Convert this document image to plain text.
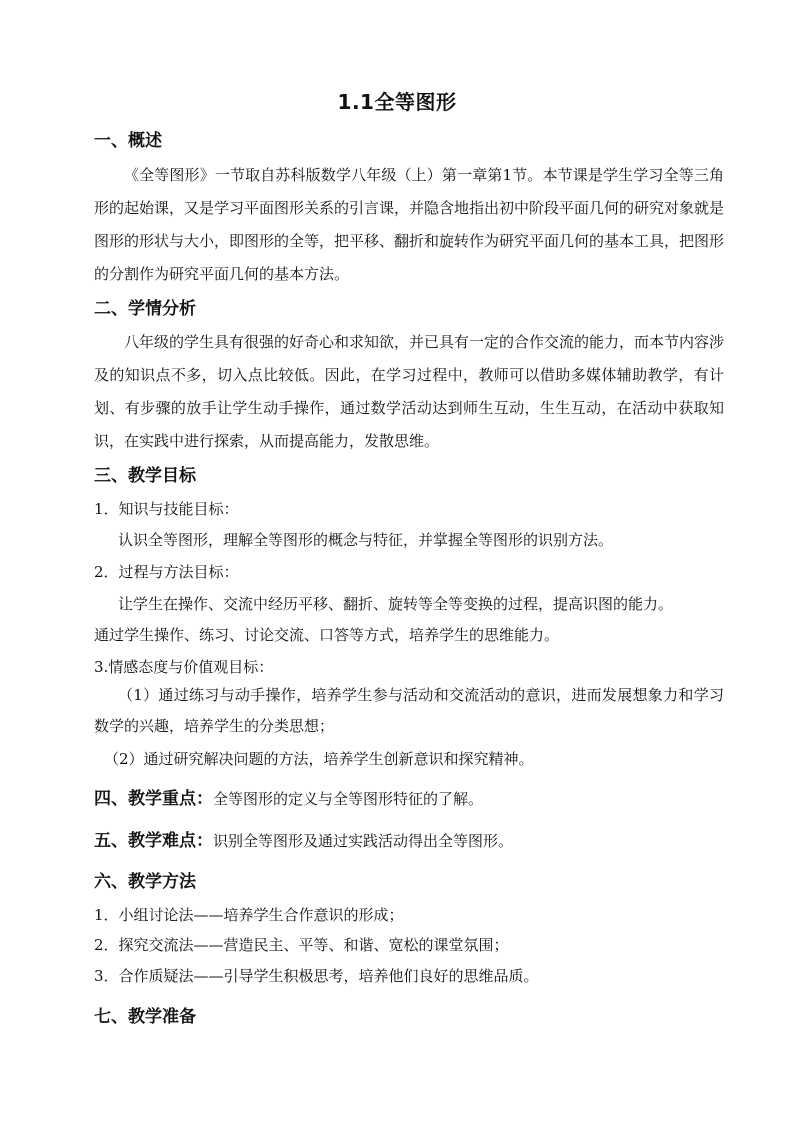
1.1全等图形
一、概述

《全等图形》一节取自苏科版数学八年级（上）第一章第1节。本节课是学生学习全等三角形的起始课，又是学习平面图形关系的引言课，并隐含地指出初中阶段平面几何的研究对象就是图形的形状与大小，即图形的全等，把平移、翻折和旋转作为研究平面几何的基本工具，把图形的分割作为研究平面几何的基本方法。

二、学情分析

八年级的学生具有很强的好奇心和求知欲，并已具有一定的合作交流的能力，而本节内容涉及的知识点不多，切入点比较低。因此，在学习过程中，教师可以借助多媒体辅助教学，有计划、有步骤的放手让学生动手操作，通过数学活动达到师生互动，生生互动，在活动中获取知识，在实践中进行探索，从而提高能力，发散思维。

三、教学目标
1．知识与技能目标：
认识全等图形，理解全等图形的概念与特征，并掌握全等图形的识别方法。
2．过程与方法目标：
让学生在操作、交流中经历平移、翻折、旋转等全等变换的过程，提高识图的能力。
通过学生操作、练习、讨论交流、口答等方式，培养学生的思维能力。
3.情感态度与价值观目标：

（1）通过练习与动手操作，培养学生参与活动和交流活动的意识，进而发展想象力和学习数学的兴趣，培养学生的分类思想；

（2）通过研究解决问题的方法，培养学生创新意识和探究精神。
四、教学重点：全等图形的定义与全等图形特征的了解。
五、教学难点：识别全等图形及通过实践活动得出全等图形。
六、教学方法
1．小组讨论法——培养学生合作意识的形成；
2．探究交流法——营造民主、平等、和谐、宽松的课堂氛围；
3．合作质疑法——引导学生积极思考，培养他们良好的思维品质。
七、教学准备
